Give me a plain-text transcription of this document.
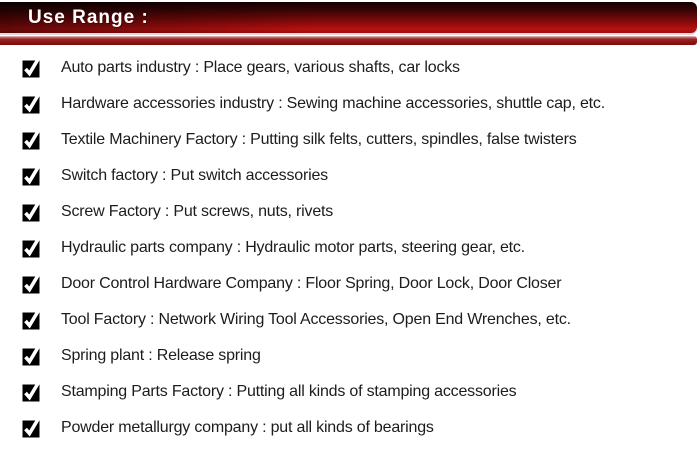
Use Range :
Auto parts industry : Place gears, various shafts, car locks
Hardware accessories industry : Sewing machine accessories, shuttle cap, etc.
Textile Machinery Factory : Putting silk felts, cutters, spindles, false twisters
Switch factory : Put switch accessories
Screw Factory : Put screws, nuts, rivets
Hydraulic parts company : Hydraulic motor parts, steering gear, etc.
Door Control Hardware Company : Floor Spring, Door Lock, Door Closer
Tool Factory : Network Wiring Tool Accessories, Open End Wrenches, etc.
Spring plant : Release spring
Stamping Parts Factory : Putting all kinds of stamping accessories
Powder metallurgy company : put all kinds of bearings
